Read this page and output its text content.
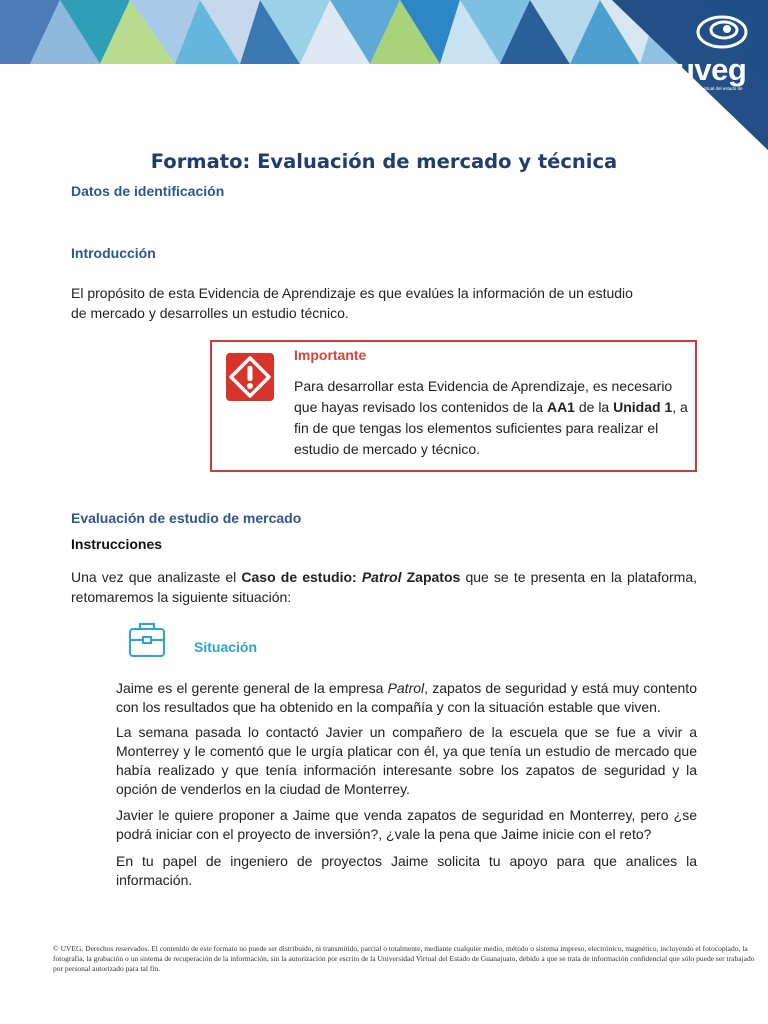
uveg
universidad virtual del estado de guanajuato
Formato: Evaluación de mercado y técnica
Datos de identificación
Introducción
El propósito de esta Evidencia de Aprendizaje es que evalúes la información de un estudio
de mercado y desarrolles un estudio técnico.
Importante
Para desarrollar esta Evidencia de Aprendizaje, es necesario que hayas revisado los contenidos de la AA1 de la Unidad 1, a fin de que tengas los elementos suficientes para realizar el estudio de mercado y técnico.
Evaluación de estudio de mercado
Instrucciones
Una vez que analizaste el Caso de estudio: Patrol Zapatos que se te presenta en la plataforma, retomaremos la siguiente situación:
Situación
Jaime es el gerente general de la empresa Patrol, zapatos de seguridad y está muy contento con los resultados que ha obtenido en la compañía y con la situación estable que viven.
La semana pasada lo contactó Javier un compañero de la escuela que se fue a vivir a Monterrey y le comentó que le urgía platicar con él, ya que tenía un estudio de mercado que había realizado y que tenía información interesante sobre los zapatos de seguridad y la opción de venderlos en la ciudad de Monterrey.
Javier le quiere proponer a Jaime que venda zapatos de seguridad en Monterrey, pero ¿se podrá iniciar con el proyecto de inversión?, ¿vale la pena que Jaime inicie con el reto?
En tu papel de ingeniero de proyectos Jaime solicita tu apoyo para que analices la información.
© UVEG. Derechos reservados. El contenido de este formato no puede ser distribuido, ni transmitido, parcial o totalmente, mediante cualquier medio, método o sistema impreso, electrónico, magnético, incluyendo el fotocopiado, la fotografía, la grabación o un sistema de recuperación de la información, sin la autorización por escrito de la Universidad Virtual del Estado de Guanajuato, debido a que se trata de información confidencial que sólo puede ser trabajado por personal autorizado para tal fin.
